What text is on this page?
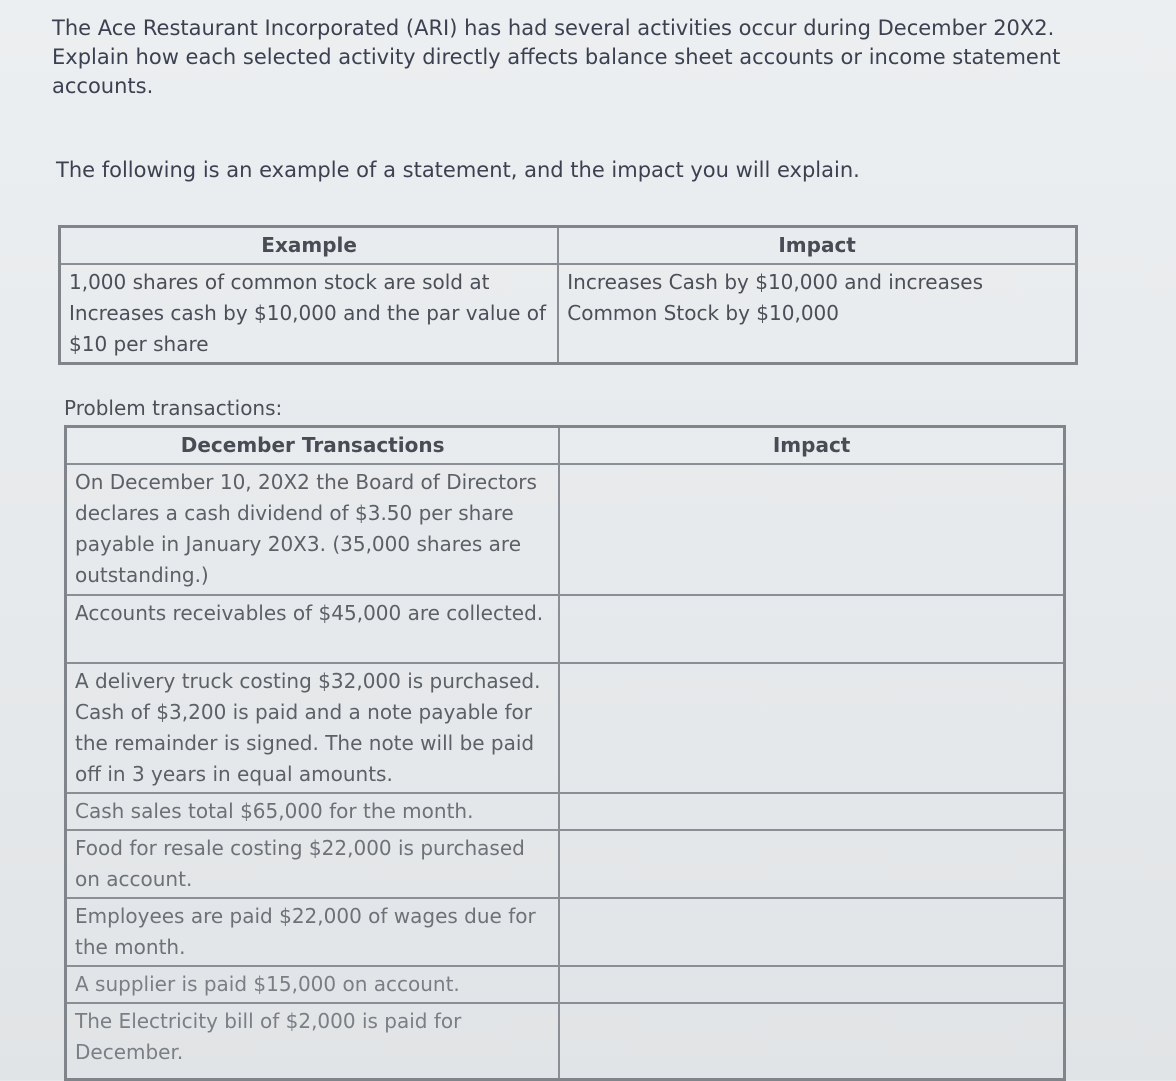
The Ace Restaurant Incorporated (ARI) has had several activities occur during December 20X2.
Explain how each selected activity directly affects balance sheet accounts or income statement
accounts.
The following is an example of a statement, and the impact you will explain.
Example	Impact
1,000 shares of common stock are sold at Increases cash by $10,000 and the par value of $10 per share	Increases Cash by $10,000 and increases Common Stock by $10,000
Problem transactions:
December Transactions	Impact
On December 10, 20X2 the Board of Directors declares a cash dividend of $3.50 per share payable in January 20X3. (35,000 shares are outstanding.)	
Accounts receivables of $45,000 are collected.	
A delivery truck costing $32,000 is purchased. Cash of $3,200 is paid and a note payable for the remainder is signed. The note will be paid off in 3 years in equal amounts.	
Cash sales total $65,000 for the month.	
Food for resale costing $22,000 is purchased on account.	
Employees are paid $22,000 of wages due for the month.	
A supplier is paid $15,000 on account.	
The Electricity bill of $2,000 is paid for December.	
